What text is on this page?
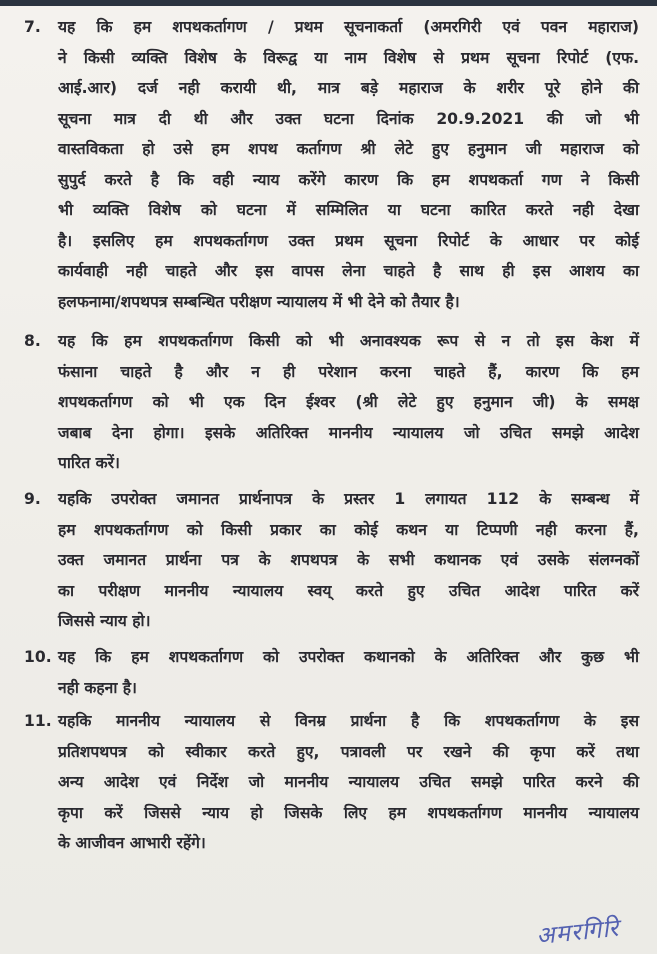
7.	यह कि हम शपथकर्तागण / प्रथम सूचनाकर्ता (अमरगिरी एवं पवन महाराज)
ने किसी व्यक्ति विशेष के विरूद्व या नाम विशेष से प्रथम सूचना रिपोर्ट (एफ.
आई.आर) दर्ज नही करायी थी, मात्र बड़े महाराज के शरीर पूरे होने की
सूचना मात्र दी थी और उक्त घटना दिनांक 20.9.2021 की जो भी
वास्तविकता हो उसे हम शपथ कर्तागण श्री लेटे हुए हनुमान जी महाराज को
सुपुर्द करते है कि वही न्याय करेंगे कारण कि हम शपथकर्ता गण ने किसी
भी व्यक्ति विशेष को घटना में सम्मिलित या घटना कारित करते नही देखा
है। इसलिए हम शपथकर्तागण उक्त प्रथम सूचना रिपोर्ट के आधार पर कोई
कार्यवाही नही चाहते और इस वापस लेना चाहते है साथ ही इस आशय का
हलफनामा/शपथपत्र सम्बन्धित परीक्षण न्यायालय में भी देने को तैयार है।
8.	यह कि हम शपथकर्तागण किसी को भी अनावश्यक रूप से न तो इस केश में
फंसाना चाहते है और न ही परेशान करना चाहते हैं, कारण कि हम
शपथकर्तागण को भी एक दिन ईश्वर (श्री लेटे हुए हनुमान जी) के समक्ष
जबाब देना होगा। इसके अतिरिक्त माननीय न्यायालय जो उचित समझे आदेश
पारित करें।
9.	यहकि उपरोक्त जमानत प्रार्थनापत्र के प्रस्तर 1 लगायत 112 के सम्बन्ध में
हम शपथकर्तागण को किसी प्रकार का कोई कथन या टिप्पणी नही करना हैं,
उक्त जमानत प्रार्थना पत्र के शपथपत्र के सभी कथानक एवं उसके संलग्नकों
का परीक्षण माननीय न्यायालय स्वय् करते हुए उचित आदेश पारित करें
जिससे न्याय हो।
10. यह कि हम शपथकर्तागण को उपरोक्त कथानको के अतिरिक्त और कुछ भी
नही कहना है।
11. यहकि माननीय न्यायालय से विनम्र प्रार्थना है कि शपथकर्तागण के इस
प्रतिशपथपत्र को स्वीकार करते हुए, पत्रावली पर रखने की कृपा करें तथा
अन्य आदेश एवं निर्देश जो माननीय न्यायालय उचित समझे पारित करने की
कृपा करें जिससे न्याय हो जिसके लिए हम शपथकर्तागण माननीय न्यायालय
के आजीवन आभारी रहेंगे।
अमरगिरि
